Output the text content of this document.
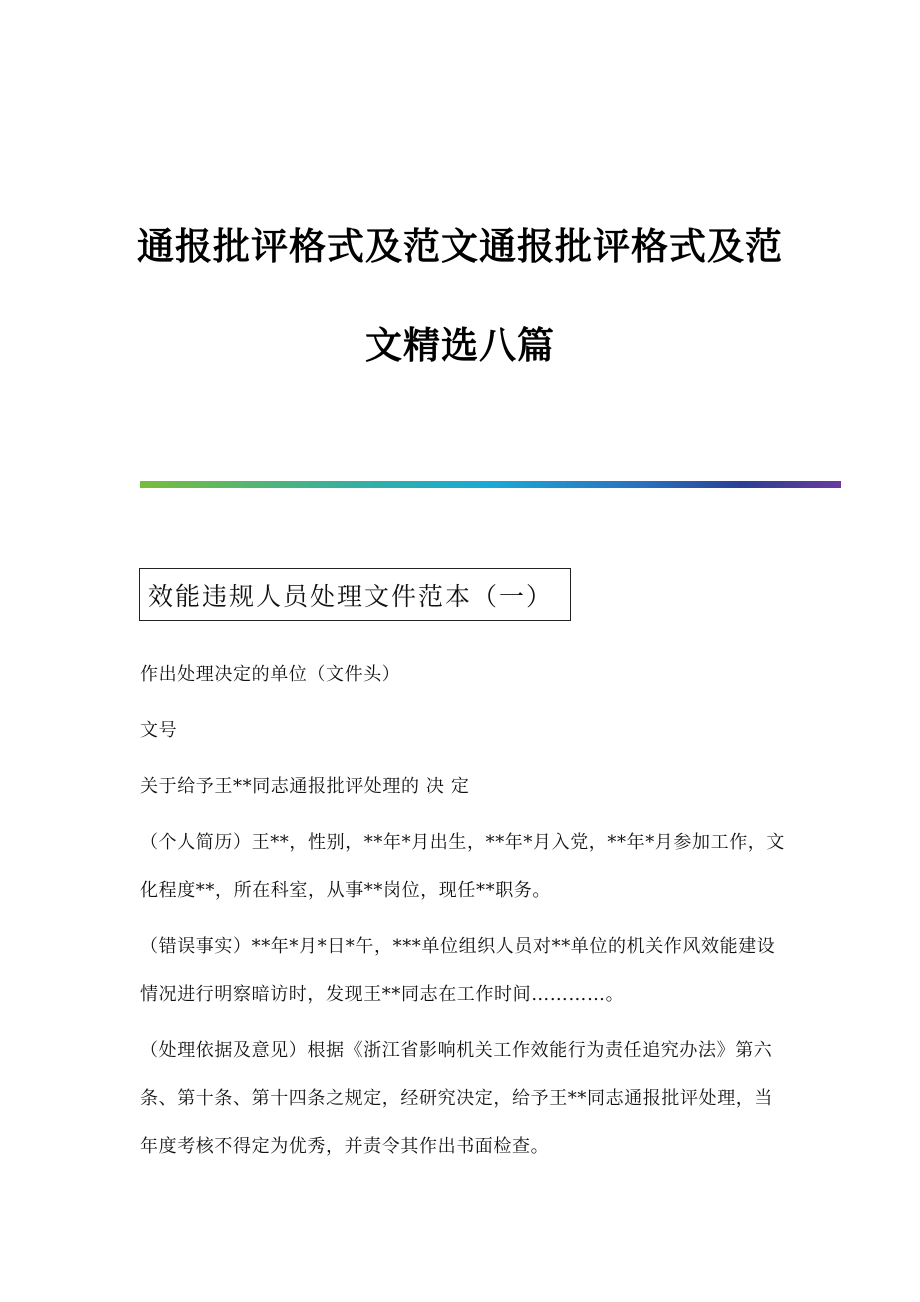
通报批评格式及范文通报批评格式及范
文精选八篇
效能违规人员处理文件范本（一）
作出处理决定的单位（文件头）
文号
关于给予王**同志通报批评处理的 决 定
（个人简历）王**，性别，**年*月出生，**年*月入党，**年*月参加工作，文
化程度**，所在科室，从事**岗位，现任**职务。
（错误事实）**年*月*日*午，***单位组织人员对**单位的机关作风效能建设
情况进行明察暗访时，发现王**同志在工作时间…………。
（处理依据及意见）根据《浙江省影响机关工作效能行为责任追究办法》第六
条、第十条、第十四条之规定，经研究决定，给予王**同志通报批评处理，当
年度考核不得定为优秀，并责令其作出书面检查。
